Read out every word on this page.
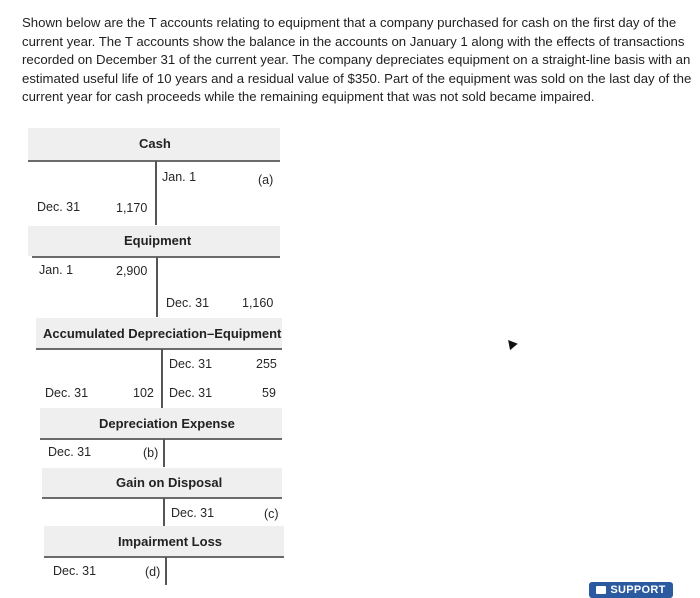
Shown below are the T accounts relating to equipment that a company purchased for cash on the first day of the current year. The T accounts show the balance in the accounts on January 1 along with the effects of transactions recorded on December 31 of the current year. The company depreciates equipment on a straight-line basis with an estimated useful life of 10 years and a residual value of $350. Part of the equipment was sold on the last day of the current year for cash proceeds while the remaining equipment that was not sold became impaired.
Cash
Jan. 1	(a)
Dec. 31	1,170
Equipment
Jan. 1	2,900
Dec. 31	1,160
Accumulated Depreciation–Equipment
Dec. 31	255
Dec. 31	102 Dec. 31	59
Depreciation Expense
Dec. 31	(b)
Gain on Disposal
Dec. 31	(c)
Impairment Loss
Dec. 31	(d)
SUPPORT
